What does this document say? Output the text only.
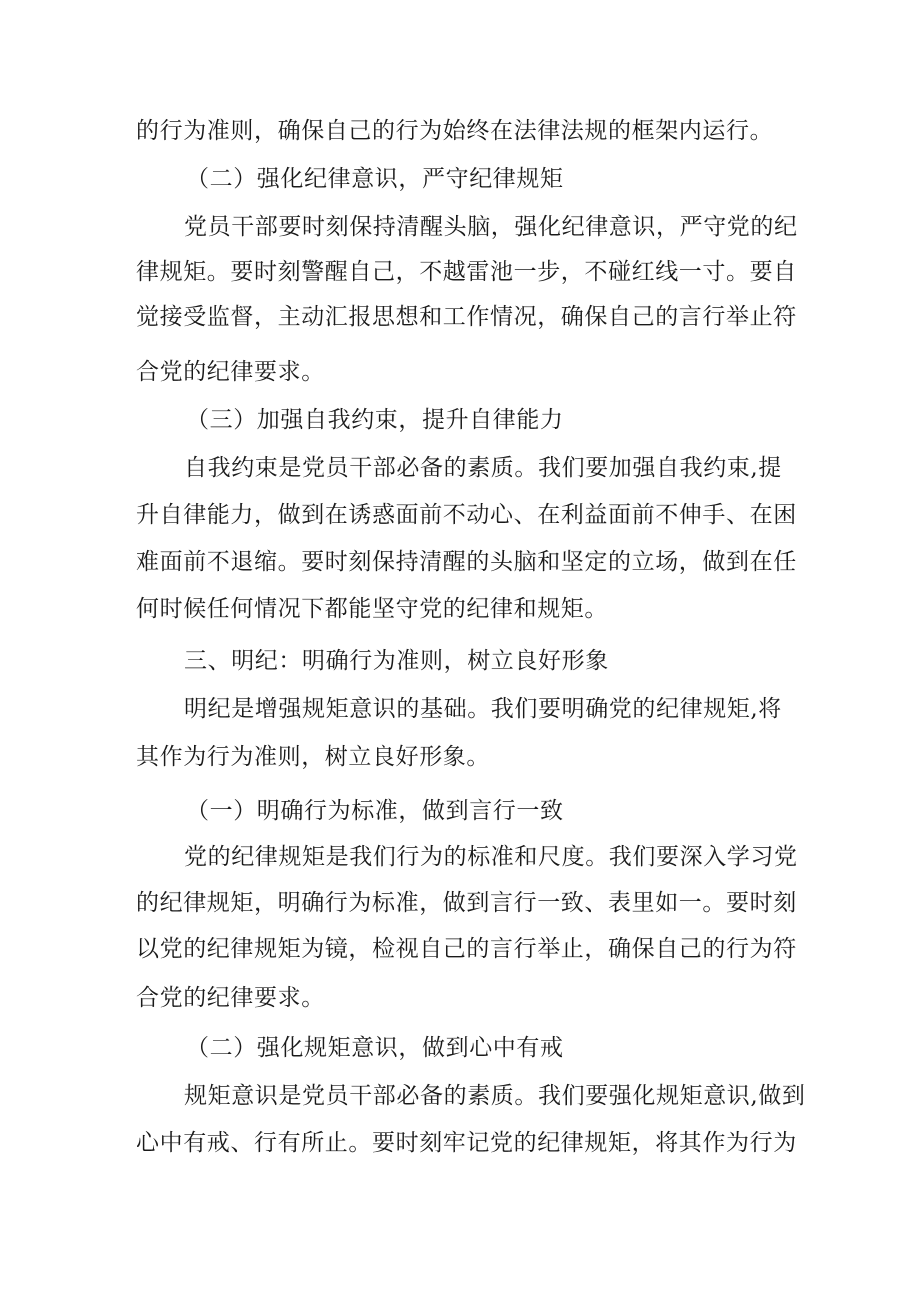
的行为准则，确保自己的行为始终在法律法规的框架内运行。
（二）强化纪律意识，严守纪律规矩
党员干部要时刻保持清醒头脑，强化纪律意识，严守党的纪
律规矩。要时刻警醒自己，不越雷池一步，不碰红线一寸。要自
觉接受监督，主动汇报思想和工作情况，确保自己的言行举止符
合党的纪律要求。
（三）加强自我约束，提升自律能力
自我约束是党员干部必备的素质。我们要加强自我约束,提
升自律能力，做到在诱惑面前不动心、在利益面前不伸手、在困
难面前不退缩。要时刻保持清醒的头脑和坚定的立场，做到在任
何时候任何情况下都能坚守党的纪律和规矩。
三、明纪：明确行为准则，树立良好形象
明纪是增强规矩意识的基础。我们要明确党的纪律规矩,将
其作为行为准则，树立良好形象。
（一）明确行为标准，做到言行一致
党的纪律规矩是我们行为的标准和尺度。我们要深入学习党
的纪律规矩，明确行为标准，做到言行一致、表里如一。要时刻
以党的纪律规矩为镜，检视自己的言行举止，确保自己的行为符
合党的纪律要求。
（二）强化规矩意识，做到心中有戒
规矩意识是党员干部必备的素质。我们要强化规矩意识,做到
心中有戒、行有所止。要时刻牢记党的纪律规矩，将其作为行为
